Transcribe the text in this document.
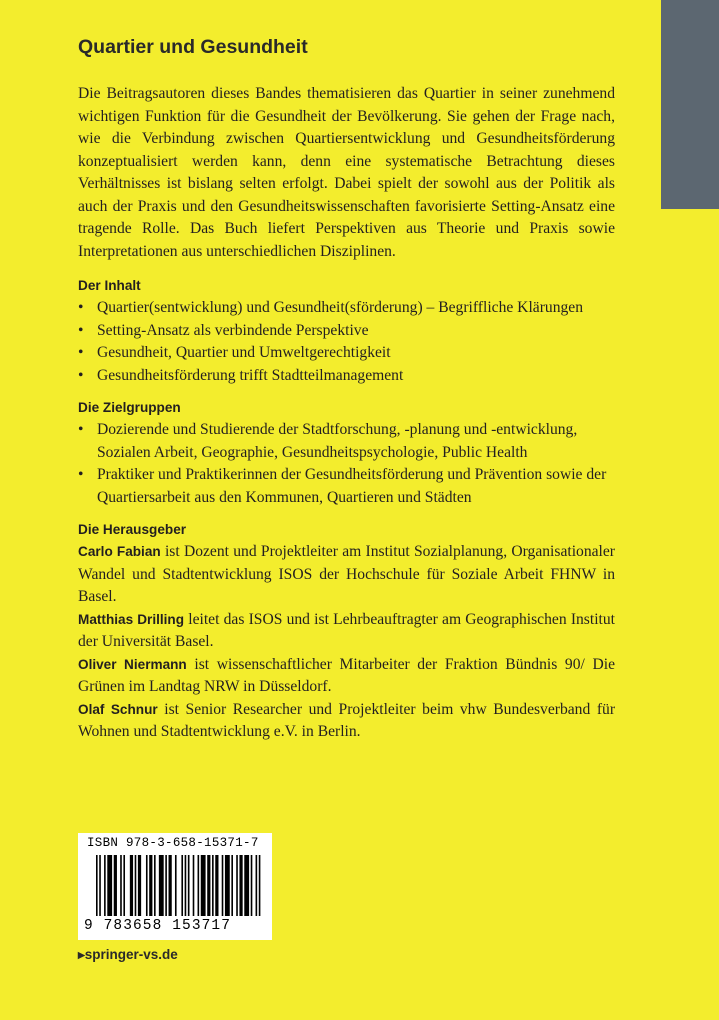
Quartier und Gesundheit

Die Beitragsautoren dieses Bandes thematisieren das Quartier in seiner zunehmend wichtigen Funktion für die Gesundheit der Bevölkerung. Sie gehen der Frage nach, wie die Verbindung zwischen Quartiersentwicklung und Gesundheitsförderung konzeptualisiert werden kann, denn eine systematische Betrachtung dieses Verhältnisses ist bislang selten erfolgt. Dabei spielt der sowohl aus der Politik als auch der Praxis und den Gesundheitswissenschaften favorisierte Setting-Ansatz eine tragende Rolle. Das Buch liefert Perspektiven aus Theorie und Praxis sowie Interpretationen aus unterschiedlichen Disziplinen.

Der Inhalt
• Quartier(sentwicklung) und Gesundheit(sförderung) – Begriffliche Klärungen
• Setting-Ansatz als verbindende Perspektive
• Gesundheit, Quartier und Umweltgerechtigkeit
• Gesundheitsförderung trifft Stadtteilmanagement
Die Zielgruppen
• Dozierende und Studierende der Stadtforschung, -planung und -entwicklung, Sozialen Arbeit, Geographie, Gesundheitspsychologie, Public Health
• Praktiker und Praktikerinnen der Gesundheitsförderung und Prävention sowie der Quartiersarbeit aus den Kommunen, Quartieren und Städten
Die Herausgeber

Carlo Fabian ist Dozent und Projektleiter am Institut Sozialplanung, Organisationaler Wandel und Stadtentwicklung ISOS der Hochschule für Soziale Arbeit FHNW in Basel.

Matthias Drilling leitet das ISOS und ist Lehrbeauftragter am Geographischen Institut der Universität Basel.

Oliver Niermann ist wissenschaftlicher Mitarbeiter der Fraktion Bündnis 90/ Die Grünen im Landtag NRW in Düsseldorf.

Olaf Schnur ist Senior Researcher und Projektleiter beim vhw Bundesverband für Wohnen und Stadtentwicklung e.V. in Berlin.

ISBN 978-3-658-15371-7
9 783658 153717
▸springer-vs.de
